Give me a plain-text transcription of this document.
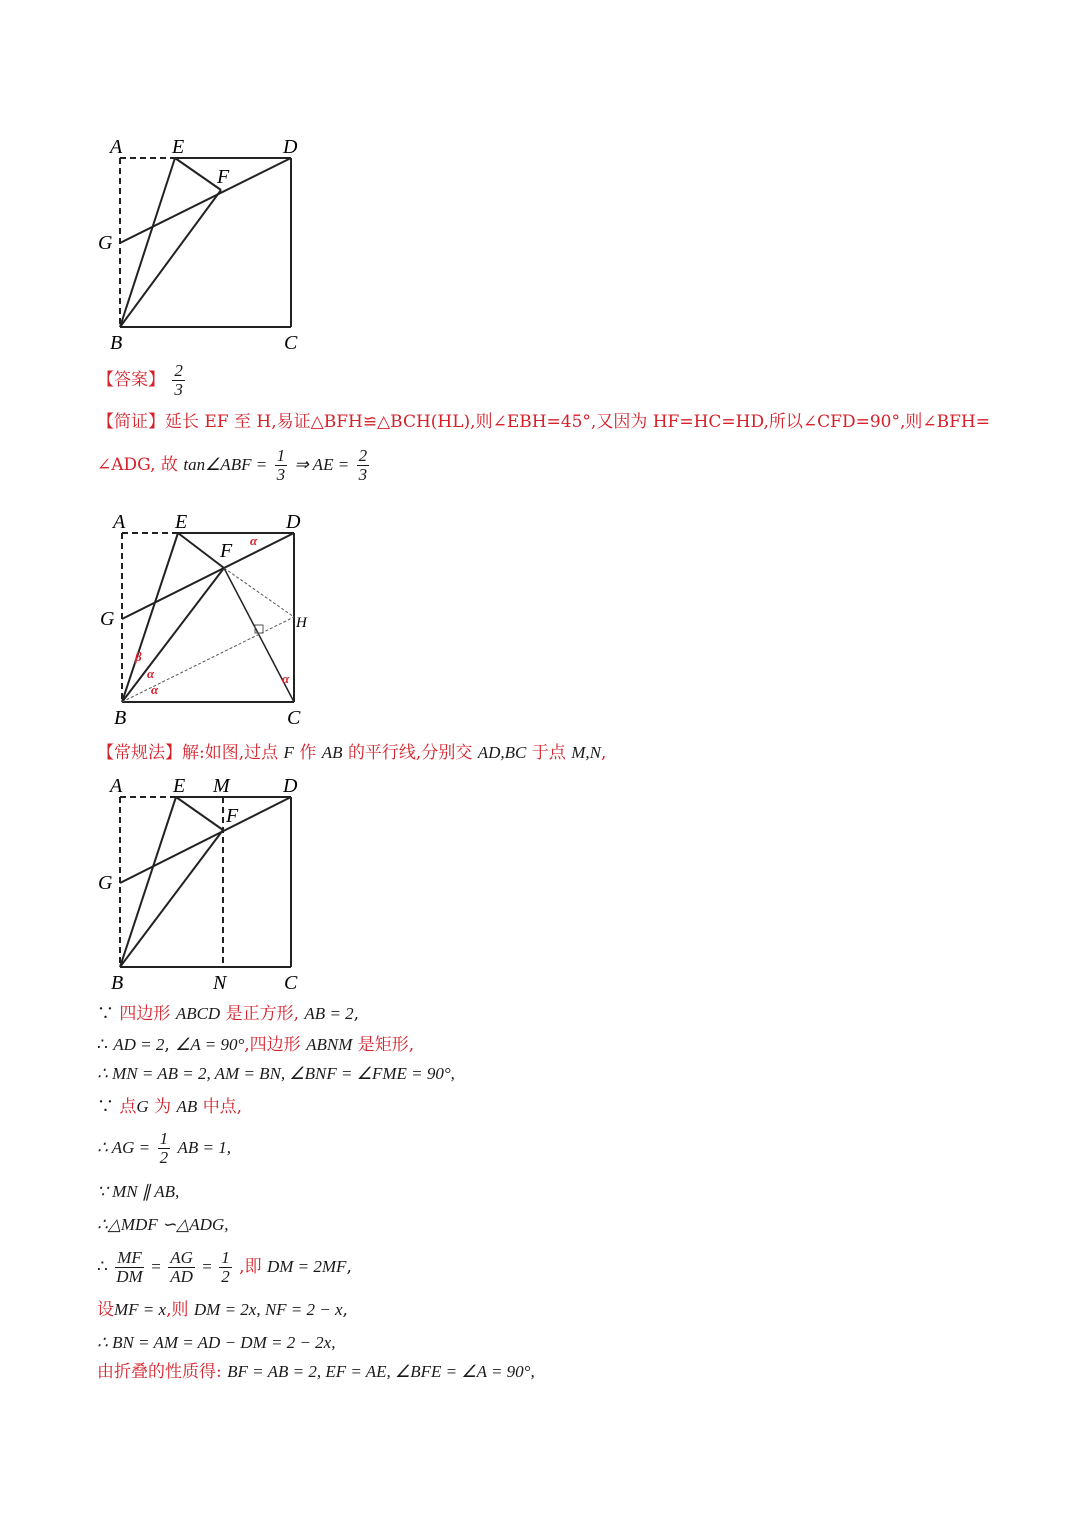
A E	D
F
G
B	C
【答案】 $\frac{2}{3}$
【简证】延长 EF 至 H,易证△BFH≌△BCH(HL),则∠EBH=45°,又因为 HF=HC=HD,所以∠CFD=90°,则∠BFH=
∠ADG, 故 tan∠ABF = $\frac{1}{3}$ ⇒ AE = $\frac{2}{3}$
A E	D
F
G	H
B	C
α
β
α
α
α
【常规法】解:如图,过点 F 作 AB 的平行线,分别交 AD,BC 于点 M,N,
A	E M	D
F
G
B	N	C
∵ 四边形 ABCD 是正方形, AB = 2,
∴ AD = 2, ∠A = 90°,四边形 ABNM 是矩形,
∴ MN = AB = 2, AM = BN, ∠BNF = ∠FME = 90°,
∵ 点G 为 AB 中点,
∴ AG = $\frac{1}{2}$ AB = 1,
∵ MN ∥ AB,
∴△MDF ∽△ADG,
∴ $\frac{MF}{DM} = \frac{AG}{AD} = \frac{1}{2}$ ,即 DM = 2MF,
设MF = x,则 DM = 2x, NF = 2 − x,
∴ BN = AM = AD − DM = 2 − 2x,
由折叠的性质得: BF = AB = 2, EF = AE, ∠BFE = ∠A = 90°,
